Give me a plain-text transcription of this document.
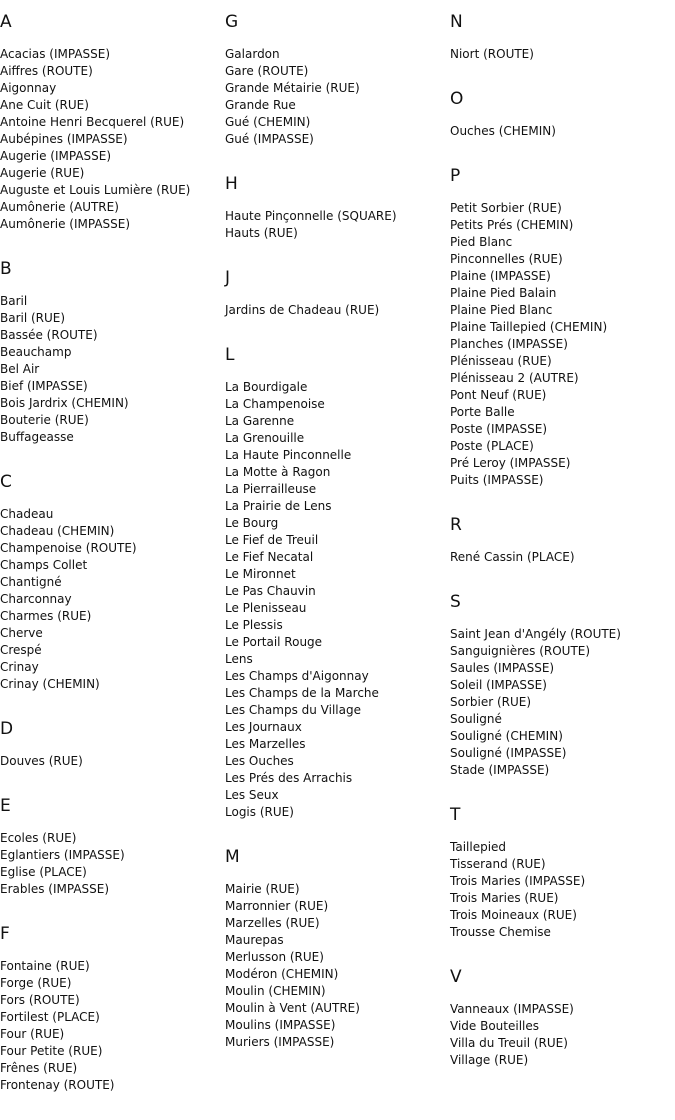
A
Acacias (IMPASSE)
Aiffres (ROUTE)
Aigonnay
Ane Cuit (RUE)
Antoine Henri Becquerel (RUE)
Aubépines (IMPASSE)
Augerie (IMPASSE)
Augerie (RUE)
Auguste et Louis Lumière (RUE)
Aumônerie (AUTRE)
Aumônerie (IMPASSE)
B
Baril
Baril (RUE)
Bassée (ROUTE)
Beauchamp
Bel Air
Bief (IMPASSE)
Bois Jardrix (CHEMIN)
Bouterie (RUE)
Buffageasse
C
Chadeau
Chadeau (CHEMIN)
Champenoise (ROUTE)
Champs Collet
Chantigné
Charconnay
Charmes (RUE)
Cherve
Crespé
Crinay
Crinay (CHEMIN)
D
Douves (RUE)
E
Ecoles (RUE)
Eglantiers (IMPASSE)
Eglise (PLACE)
Erables (IMPASSE)
F
Fontaine (RUE)
Forge (RUE)
Fors (ROUTE)
Fortilest (PLACE)
Four (RUE)
Four Petite (RUE)
Frênes (RUE)
Frontenay (ROUTE)
G
Galardon
Gare (ROUTE)
Grande Métairie (RUE)
Grande Rue
Gué (CHEMIN)
Gué (IMPASSE)
H
Haute Pinçonnelle (SQUARE)
Hauts (RUE)
J
Jardins de Chadeau (RUE)
L
La Bourdigale
La Champenoise
La Garenne
La Grenouille
La Haute Pinconnelle
La Motte à Ragon
La Pierrailleuse
La Prairie de Lens
Le Bourg
Le Fief de Treuil
Le Fief Necatal
Le Mironnet
Le Pas Chauvin
Le Plenisseau
Le Plessis
Le Portail Rouge
Lens
Les Champs d'Aigonnay
Les Champs de la Marche
Les Champs du Village
Les Journaux
Les Marzelles
Les Ouches
Les Prés des Arrachis
Les Seux
Logis (RUE)
M
Mairie (RUE)
Marronnier (RUE)
Marzelles (RUE)
Maurepas
Merlusson (RUE)
Modéron (CHEMIN)
Moulin (CHEMIN)
Moulin à Vent (AUTRE)
Moulins (IMPASSE)
Muriers (IMPASSE)
N
Niort (ROUTE)
O
Ouches (CHEMIN)
P
Petit Sorbier (RUE)
Petits Prés (CHEMIN)
Pied Blanc
Pinconnelles (RUE)
Plaine (IMPASSE)
Plaine Pied Balain
Plaine Pied Blanc
Plaine Taillepied (CHEMIN)
Planches (IMPASSE)
Plénisseau (RUE)
Plénisseau 2 (AUTRE)
Pont Neuf (RUE)
Porte Balle
Poste (IMPASSE)
Poste (PLACE)
Pré Leroy (IMPASSE)
Puits (IMPASSE)
R
René Cassin (PLACE)
S
Saint Jean d'Angély (ROUTE)
Sanguignières (ROUTE)
Saules (IMPASSE)
Soleil (IMPASSE)
Sorbier (RUE)
Souligné
Souligné (CHEMIN)
Souligné (IMPASSE)
Stade (IMPASSE)
T
Taillepied
Tisserand (RUE)
Trois Maries (IMPASSE)
Trois Maries (RUE)
Trois Moineaux (RUE)
Trousse Chemise
V
Vanneaux (IMPASSE)
Vide Bouteilles
Villa du Treuil (RUE)
Village (RUE)
